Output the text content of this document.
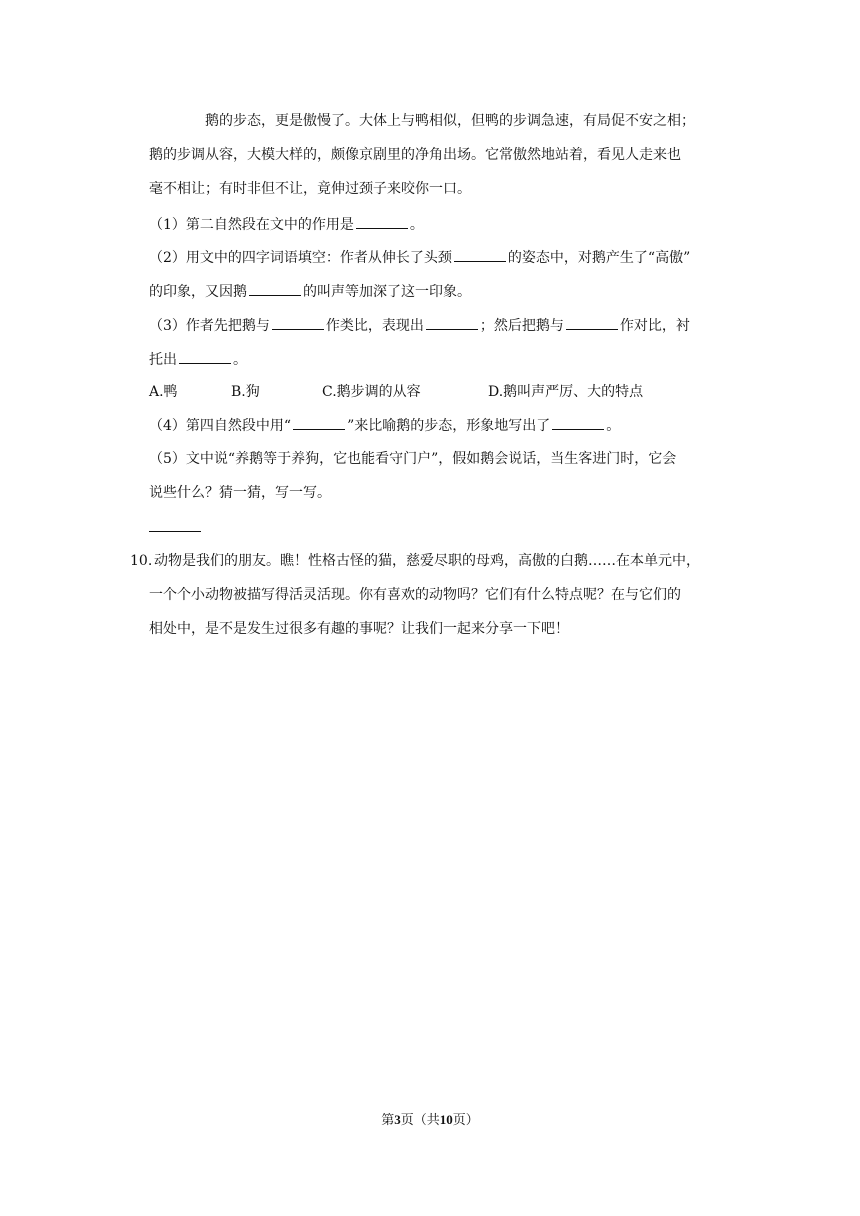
鹅的步态，更是傲慢了。大体上与鸭相似，但鸭的步调急速，有局促不安之相；
鹅的步调从容，大模大样的，颇像京剧里的净角出场。它常傲然地站着，看见人走来也
毫不相让；有时非但不让，竟伸过颈子来咬你一口。
（1）第二自然段在文中的作用是	。
（2）用文中的四字词语填空：作者从伸长了头颈	的姿态中，对鹅产生了“高傲”
的印象，又因鹅	的叫声等加深了这一印象。
（3）作者先把鹅与	作类比，表现出	；然后把鹅与	作对比，衬
托出	。
A.鸭	B.狗	C.鹅步调的从容	D.鹅叫声严厉、大的特点
（4）第四自然段中用“	”来比喻鹅的步态，形象地写出了	。
（5）文中说“养鹅等于养狗，它也能看守门户”，假如鹅会说话，当生客进门时，它会
说些什么？猜一猜，写一写。
10. 动物是我们的朋友。瞧！性格古怪的猫，慈爱尽职的母鸡，高傲的白鹅……在本单元中，
一个个小动物被描写得活灵活现。你有喜欢的动物吗？它们有什么特点呢？在与它们的
相处中，是不是发生过很多有趣的事呢？让我们一起来分享一下吧！
第3页（共10页）
